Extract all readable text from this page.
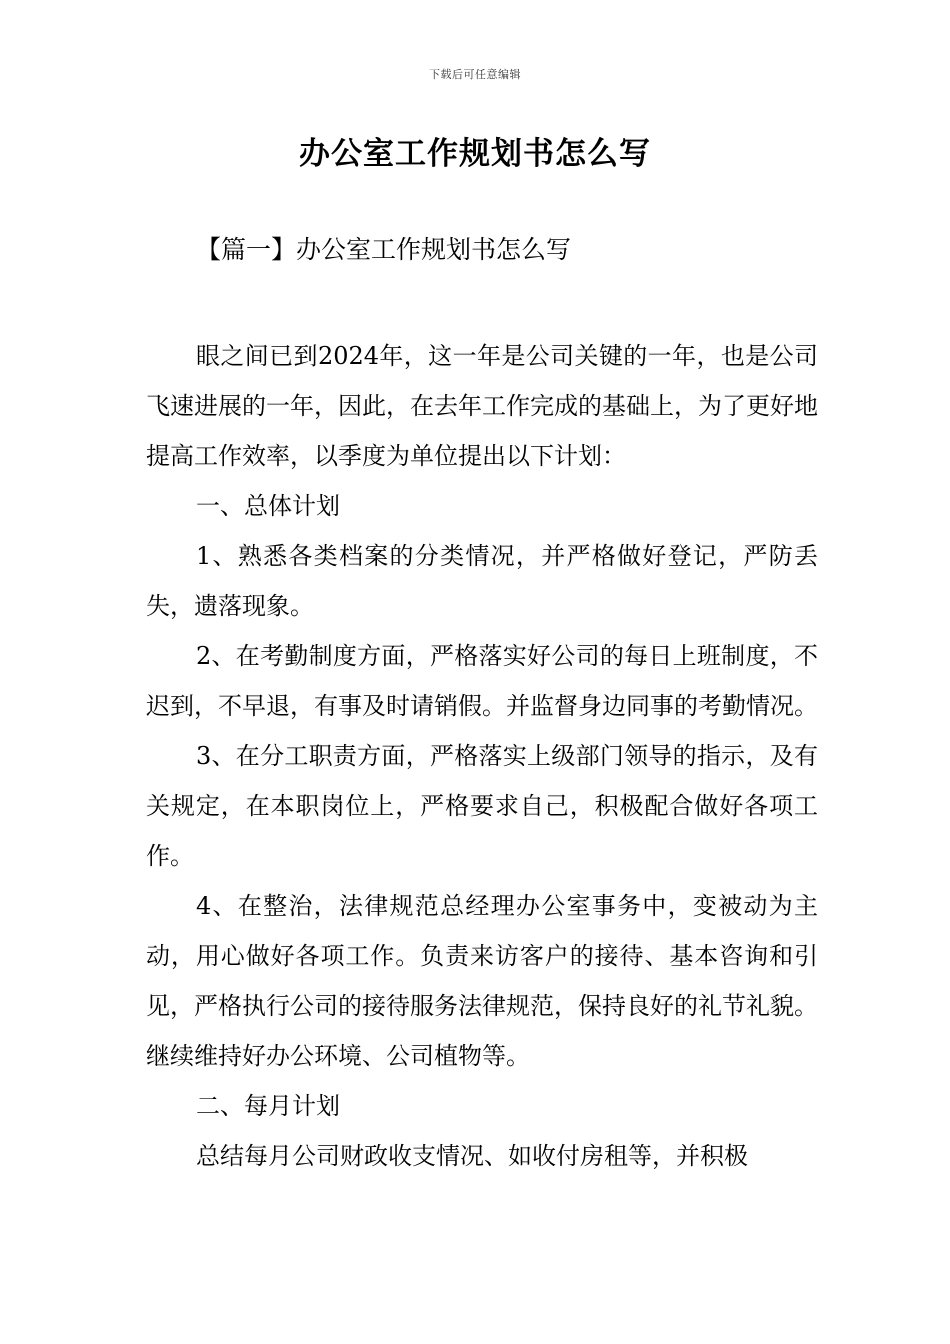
下载后可任意编辑
办公室工作规划书怎么写
【篇一】办公室工作规划书怎么写

眼之间已到2024年，这一年是公司关键的一年，也是公司飞速进展的一年，因此，在去年工作完成的基础上，为了更好地提高工作效率，以季度为单位提出以下计划：

一、总体计划

1、熟悉各类档案的分类情况，并严格做好登记，严防丢失，遗落现象。

2、在考勤制度方面，严格落实好公司的每日上班制度，不迟到，不早退，有事及时请销假。并监督身边同事的考勤情况。

3、在分工职责方面，严格落实上级部门领导的指示，及有关规定，在本职岗位上，严格要求自己，积极配合做好各项工作。

4、在整治，法律规范总经理办公室事务中，变被动为主动，用心做好各项工作。负责来访客户的接待、基本咨询和引见，严格执行公司的接待服务法律规范，保持良好的礼节礼貌。继续维持好办公环境、公司植物等。

二、每月计划

总结每月公司财政收支情况、如收付房租等，并积极
